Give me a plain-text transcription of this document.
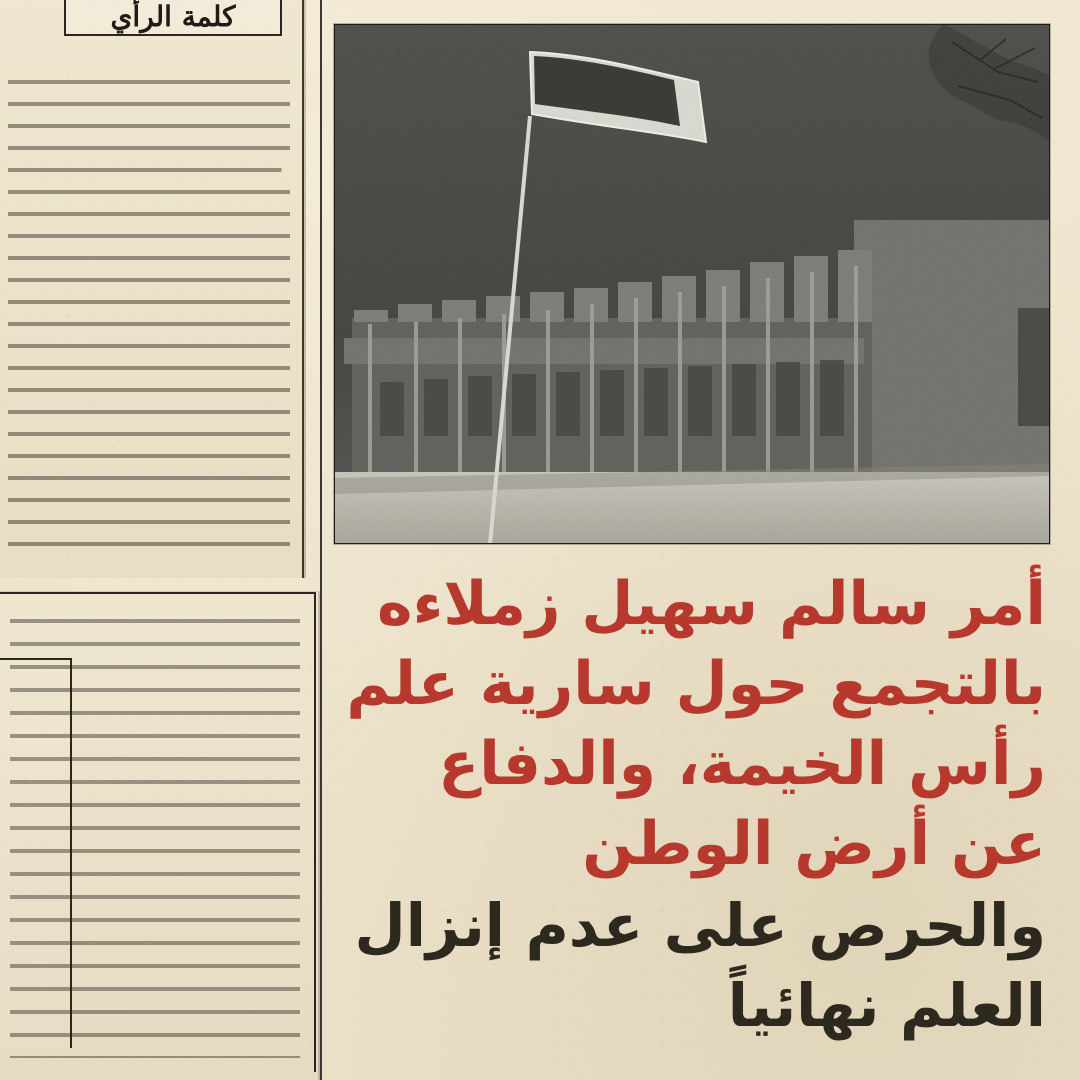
كلمة الرأي
أمر سالم سهيل زملاءه
بالتجمع حول سارية علم
رأس الخيمة، والدفاع
عن أرض الوطن
والحرص على عدم إنزال
العلم نهائياً
